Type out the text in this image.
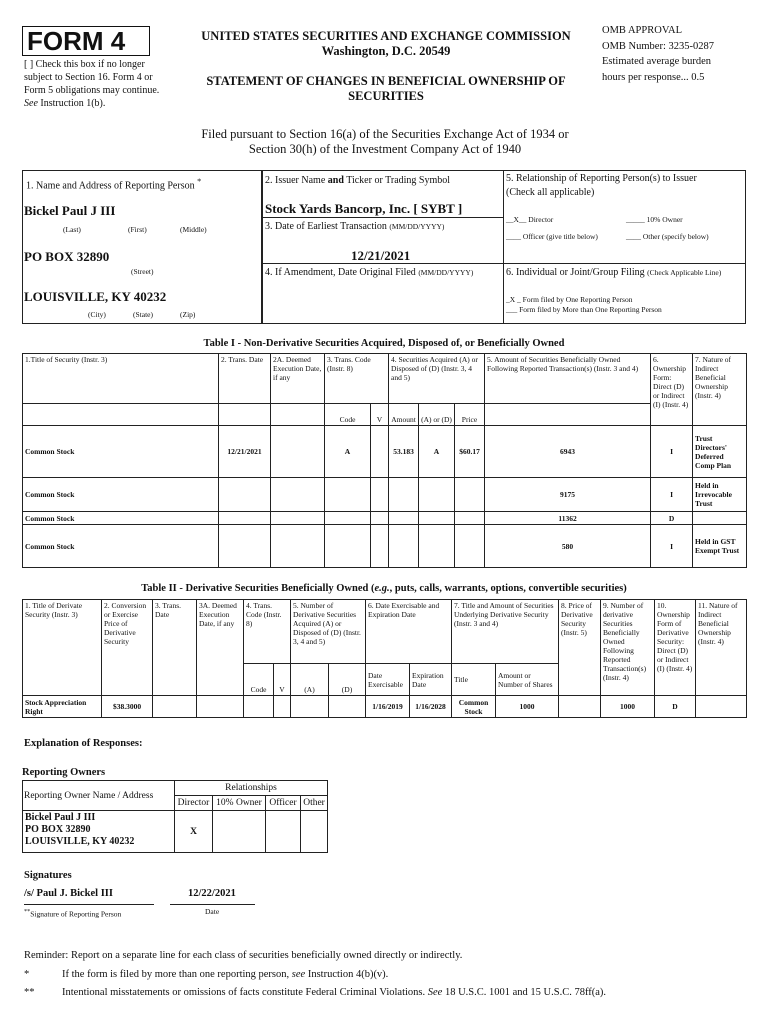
FORM 4
[ ] Check this box if no longer subject to Section 16. Form 4 or Form 5 obligations may continue. See Instruction 1(b).
UNITED STATES SECURITIES AND EXCHANGE COMMISSION
Washington, D.C. 20549
STATEMENT OF CHANGES IN BENEFICIAL OWNERSHIP OF
SECURITIES
OMB APPROVAL
OMB Number: 3235-0287
Estimated average burden
hours per response... 0.5
Filed pursuant to Section 16(a) of the Securities Exchange Act of 1934 or
Section 30(h) of the Investment Company Act of 1940
1. Name and Address of Reporting Person *
Bickel Paul J III
(Last)	(First)	(Middle)
PO BOX 32890
(Street)
LOUISVILLE, KY 40232
(City)	(State)	(Zip)
2. Issuer Name and Ticker or Trading Symbol
Stock Yards Bancorp, Inc. [ SYBT ]
3. Date of Earliest Transaction (MM/DD/YYYY)
12/21/2021
4. If Amendment, Date Original Filed (MM/DD/YYYY)
5. Relationship of Reporting Person(s) to Issuer
(Check all applicable)
__X__ Director	_____ 10% Owner
____ Officer (give title below)	____ Other (specify below)
6. Individual or Joint/Group Filing (Check Applicable Line)
_X _ Form filed by One Reporting Person
___ Form filed by More than One Reporting Person
Table I - Non-Derivative Securities Acquired, Disposed of, or Beneficially Owned
1.Title of Security (Instr. 3)	2. Trans. Date	2A. Deemed Execution Date, if any	3. Trans. Code (Instr. 8)		4. Securities Acquired (A) or Disposed of (D) (Instr. 3, 4 and 5)			5. Amount of Securities Beneficially Owned Following Reported Transaction(s) (Instr. 3 and 4)	6. Ownership Form: Direct (D) or Indirect (I) (Instr. 4)	7. Nature of Indirect Beneficial Ownership (Instr. 4)
			Code	V	Amount	(A) or (D)	Price			
Common Stock	12/21/2021		A		53.183	A	$60.17	6943	I	Trust Directors' Deferred Comp Plan
Common Stock								9175	I	Held in Irrevocable Trust
Common Stock								11362	D	
Common Stock								580	I	Held in GST Exempt Trust
Table II - Derivative Securities Beneficially Owned (e.g., puts, calls, warrants, options, convertible securities)
1. Title of Derivate Security (Instr. 3)	2. Conversion or Exercise Price of Derivative Security	3. Trans. Date	3A. Deemed Execution Date, if any	4. Trans. Code (Instr. 8)		5. Number of Derivative Securities Acquired (A) or Disposed of (D) (Instr. 3, 4 and 5)		6. Date Exercisable and Expiration Date		7. Title and Amount of Securities Underlying Derivative Security (Instr. 3 and 4)		8. Price of Derivative Security (Instr. 5)	9. Number of derivative Securities Beneficially Owned Following Reported Transaction(s) (Instr. 4)	10. Ownership Form of Derivative Security: Direct (D) or Indirect (I) (Instr. 4)	11. Nature of Indirect Beneficial Ownership (Instr. 4)
				Code	V	(A)	(D)	Date Exercisable	Expiration Date	Title	Amount or Number of Shares				
Stock Appreciation Right	$38.3000							1/16/2019	1/16/2028	Common Stock	1000		1000	D	
Explanation of Responses:
Reporting Owners
Reporting Owner Name / Address	Relationships			
	Director	10% Owner	Officer	Other

Bickel Paul J III
PO BOX 32890
LOUISVILLE, KY 40232	X			
Signatures
/s/ Paul J. Bickel III	12/22/2021
**Signature of Reporting Person	Date
Reminder: Report on a separate line for each class of securities beneficially owned directly or indirectly.
*	If the form is filed by more than one reporting person, see Instruction 4(b)(v).
**	Intentional misstatements or omissions of facts constitute Federal Criminal Violations. See 18 U.S.C. 1001 and 15 U.S.C. 78ff(a).
